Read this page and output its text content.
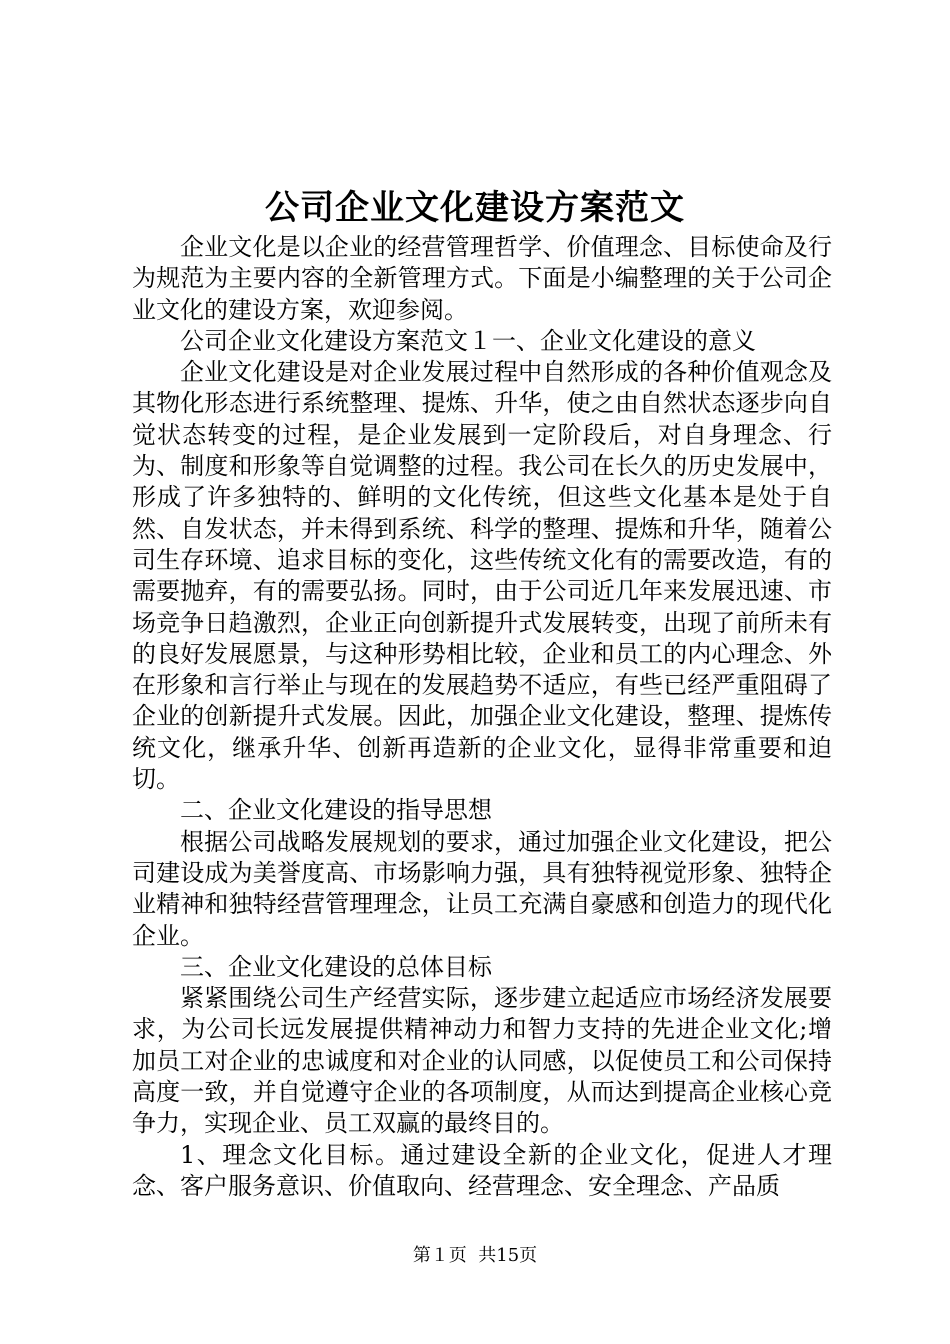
公司企业文化建设方案范文

企业文化是以企业的经营管理哲学、价值理念、目标使命及行为规范为主要内容的全新管理方式。下面是小编整理的关于公司企业文化的建设方案，欢迎参阅。

公司企业文化建设方案范文１一、企业文化建设的意义

企业文化建设是对企业发展过程中自然形成的各种价值观念及其物化形态进行系统整理、提炼、升华，使之由自然状态逐步向自觉状态转变的过程，是企业发展到一定阶段后，对自身理念、行为、制度和形象等自觉调整的过程。我公司在长久的历史发展中，形成了许多独特的、鲜明的文化传统，但这些文化基本是处于自然、自发状态，并未得到系统、科学的整理、提炼和升华，随着公司生存环境、追求目标的变化，这些传统文化有的需要改造，有的需要抛弃，有的需要弘扬。同时，由于公司近几年来发展迅速、市场竞争日趋激烈，企业正向创新提升式发展转变，出现了前所未有的良好发展愿景，与这种形势相比较，企业和员工的内心理念、外在形象和言行举止与现在的发展趋势不适应，有些已经严重阻碍了企业的创新提升式发展。因此，加强企业文化建设，整理、提炼传统文化，继承升华、创新再造新的企业文化，显得非常重要和迫切。

二、企业文化建设的指导思想

根据公司战略发展规划的要求，通过加强企业文化建设，把公司建设成为美誉度高、市场影响力强，具有独特视觉形象、独特企业精神和独特经营管理理念，让员工充满自豪感和创造力的现代化企业。

三、企业文化建设的总体目标

紧紧围绕公司生产经营实际，逐步建立起适应市场经济发展要求，为公司长远发展提供精神动力和智力支持的先进企业文化;增加员工对企业的忠诚度和对企业的认同感，以促使员工和公司保持高度一致，并自觉遵守企业的各项制度，从而达到提高企业核心竞争力，实现企业、员工双赢的最终目的。

1、理念文化目标。通过建设全新的企业文化，促进人才理念、客户服务意识、价值取向、经营理念、安全理念、产品质

第１页 共15页
